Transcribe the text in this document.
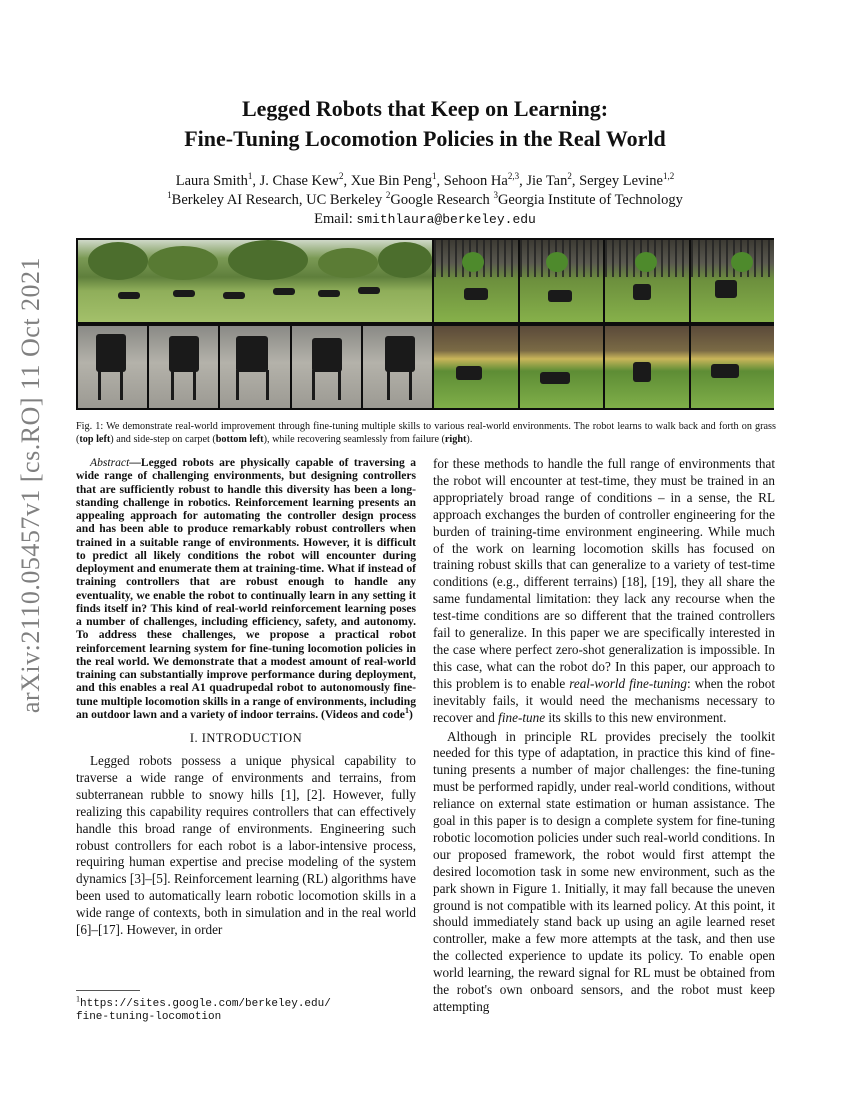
arXiv:2110.05457v1 [cs.RO] 11 Oct 2021
Legged Robots that Keep on Learning:
Fine-Tuning Locomotion Policies in the Real World
Laura Smith$^1$, J. Chase Kew$^2$, Xue Bin Peng$^1$, Sehoon Ha$^{2,3}$, Jie Tan$^2$, Sergey Levine$^{1,2}$
$^1$Berkeley AI Research, UC Berkeley $^2$Google Research $^3$Georgia Institute of Technology
Email: smithlaura@berkeley.edu
Fig. 1: We demonstrate real-world improvement through fine-tuning multiple skills to various real-world environments. The robot learns to walk back and forth on grass (top left) and side-step on carpet (bottom left), while recovering seamlessly from failure (right).

Abstract—Legged robots are physically capable of traversing a wide range of challenging environments, but designing controllers that are sufficiently robust to handle this diversity has been a long-standing challenge in robotics. Reinforcement learning presents an appealing approach for automating the controller design process and has been able to produce remarkably robust controllers when trained in a suitable range of environments. However, it is difficult to predict all likely conditions the robot will encounter during deployment and enumerate them at training-time. What if instead of training controllers that are robust enough to handle any eventuality, we enable the robot to continually learn in any setting it finds itself in? This kind of real-world reinforcement learning poses a number of challenges, including efficiency, safety, and autonomy. To address these challenges, we propose a practical robot reinforcement learning system for fine-tuning locomotion policies in the real world. We demonstrate that a modest amount of real-world training can substantially improve performance during deployment, and this enables a real A1 quadrupedal robot to autonomously fine-tune multiple locomotion skills in a range of environments, including an outdoor lawn and a variety of indoor terrains. (Videos and code$^1$)

I. INTRODUCTION

Legged robots possess a unique physical capability to traverse a wide range of environments and terrains, from subterranean rubble to snowy hills [1], [2]. However, fully realizing this capability requires controllers that can effectively handle this broad range of environments. Engineering such robust controllers for each robot is a labor-intensive process, requiring human expertise and precise modeling of the system dynamics [3]–[5]. Reinforcement learning (RL) algorithms have been used to automatically learn robotic locomotion skills in a wide range of contexts, both in simulation and in the real world [6]–[17]. However, in order

$^1$https://sites.google.com/berkeley.edu/
fine-tuning-locomotion

for these methods to handle the full range of environments that the robot will encounter at test-time, they must be trained in an appropriately broad range of conditions – in a sense, the RL approach exchanges the burden of controller engineering for the burden of training-time environment engineering. While much of the work on learning locomotion skills has focused on training robust skills that can generalize to a variety of test-time conditions (e.g., different terrains) [18], [19], they all share the same fundamental limitation: they lack any recourse when the test-time conditions are so different that the trained controllers fail to generalize. In this paper we are specifically interested in the case where perfect zero-shot generalization is impossible. In this case, what can the robot do? In this paper, our approach to this problem is to enable real-world fine-tuning: when the robot inevitably fails, it would need the mechanisms necessary to recover and fine-tune its skills to this new environment.

Although in principle RL provides precisely the toolkit needed for this type of adaptation, in practice this kind of fine-tuning presents a number of major challenges: the fine-tuning must be performed rapidly, under real-world conditions, without reliance on external state estimation or human assistance. The goal in this paper is to design a complete system for fine-tuning robotic locomotion policies under such real-world conditions. In our proposed framework, the robot would first attempt the desired locomotion task in some new environment, such as the park shown in Figure 1. Initially, it may fall because the uneven ground is not compatible with its learned policy. At this point, it should immediately stand back up using an agile learned reset controller, make a few more attempts at the task, and then use the collected experience to update its policy. To enable open world learning, the reward signal for RL must be obtained from the robot's own onboard sensors, and the robot must keep attempting
